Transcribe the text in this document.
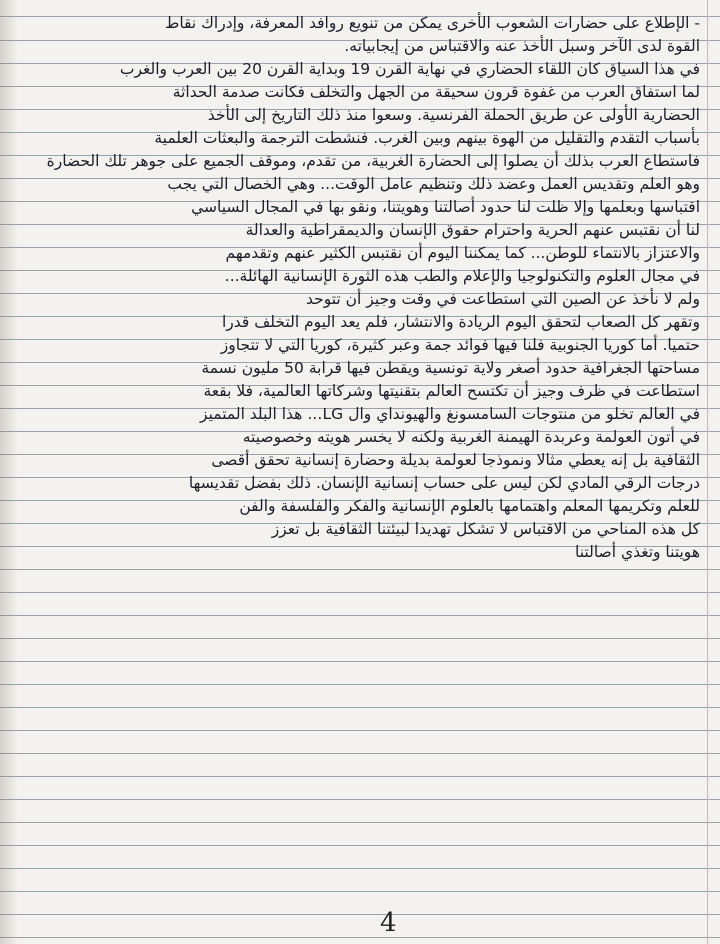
- الإطلاع على حضارات الشعوب الأخرى يمكن من تنويع روافد المعرفة، وإدراك نقاط
القوة لدى الآخر وسبل الأخذ عنه والاقتباس من إيجابياته.
في هذا السياق كان اللقاء الحضاري في نهاية القرن 19 وبداية القرن 20 بين العرب والغرب
لما استفاق العرب من غفوة قرون سحيقة من الجهل والتخلف فكانت صدمة الحداثة
الحضارية الأولى عن طريق الحملة الفرنسية. وسعوا منذ ذلك التاريخ إلى الأخذ
بأسباب التقدم والتقليل من الهوة بينهم وبين الغرب. فنشطت الترجمة والبعثات العلمية
فاستطاع العرب بذلك أن يصلوا إلى الحضارة الغربية، من تقدم، وموقف الجميع على جوهر تلك الحضارة
وهو العلم وتقديس العمل وعضد ذلك وتنظيم عامل الوقت... وهي الخصال التي يجب
اقتباسها وبعلمها وإلا ظلت لنا حدود أصالتنا وهويتنا، ونقو بها في المجال السياسي
لنا أن نقتبس عنهم الحرية واحترام حقوق الإنسان والديمقراطية والعدالة
والاعتزاز بالانتماء للوطن... كما يمكننا اليوم أن نقتبس الكثير عنهم وتقدمهم
في مجال العلوم والتكنولوجيا والإعلام والطب هذه الثورة الإنسانية الهائلة...
ولم لا نأخذ عن الصين التي استطاعت في وقت وجيز أن تتوحد
وتقهر كل الصعاب لتحقق اليوم الريادة والانتشار، فلم يعد اليوم التخلف قدرا
حتميا. أما كوريا الجنوبية فلنا فيها فوائد جمة وعبر كثيرة، كوريا التي لا تتجاوز
مساحتها الجغرافية حدود أصغر ولاية تونسية ويقطن فيها قرابة 50 مليون نسمة
استطاعت في ظرف وجيز أن تكتسح العالم بتقنيتها وشركاتها العالمية، فلا بقعة
في العالم تخلو من منتوجات السامسونغ والهيونداي وال LG... هذا البلد المتميز
في أتون العولمة وعربدة الهيمنة الغربية ولكنه لا يخسر هويته وخصوصيته
الثقافية بل إنه يعطي مثالا ونموذجا لعولمة بديلة وحضارة إنسانية تحقق أقصى
درجات الرقي المادي لكن ليس على حساب إنسانية الإنسان. ذلك بفضل تقديسها
للعلم وتكريمها المعلم واهتمامها بالعلوم الإنسانية والفكر والفلسفة والفن
كل هذه المناحي من الاقتباس لا تشكل تهديدا لبيئتنا الثقافية بل تعزز
هويتنا وتغذي أصالتنا
4
